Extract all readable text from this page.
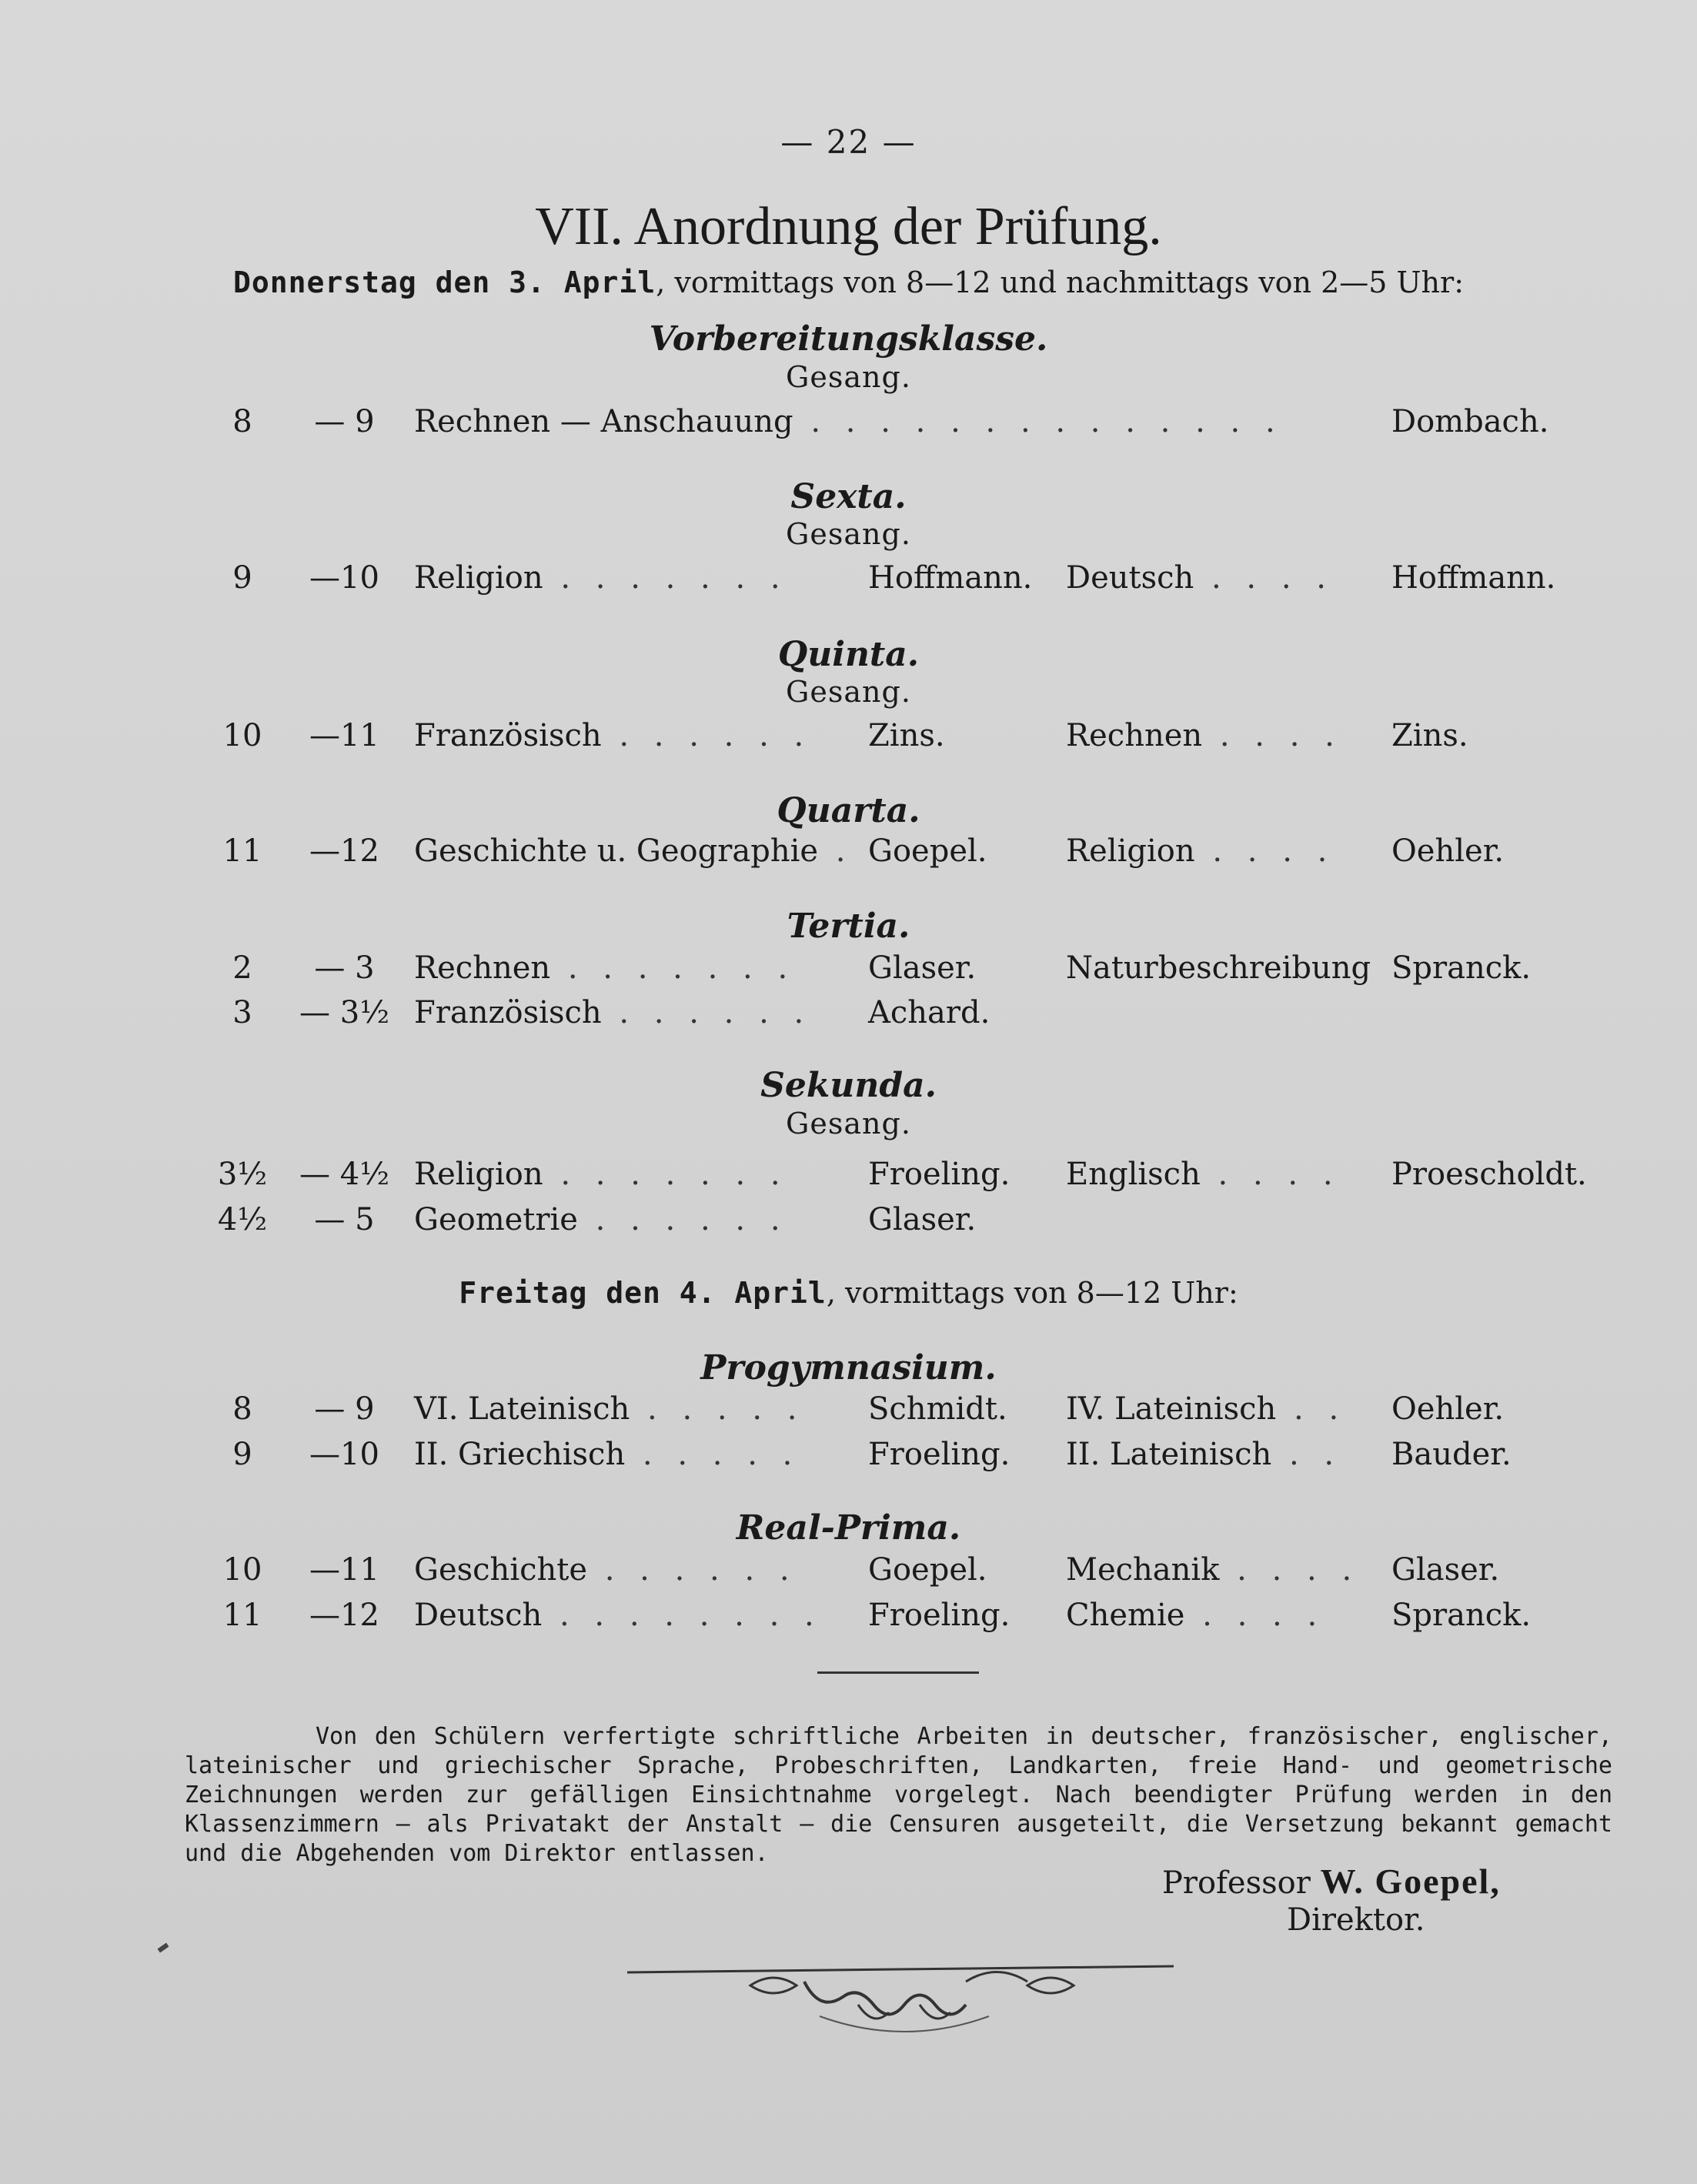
— 22 —
VII. Anordnung der Prüfung.
Donnerstag den 3. April, vormittags von 8—12 und nachmittags von 2—5 Uhr:
Vorbereitungsklasse.
Gesang.
8	— 9	Rechnen — Anschauung . . . . . . . . . . . . . .	Dombach.
Sexta.
Gesang.
9	—10	Religion . . . . . . .	Hoffmann. Deutsch . . . . Hoffmann.
Quinta.
Gesang.
10	—11	Französisch . . . . . . Zins.	Rechnen . . . . Zins.
Quarta.
11	—12	Geschichte u. Geographie . Goepel.	Religion . . . . Oehler.
Tertia.
2	— 3	Rechnen . . . . . . . Glaser.	Naturbeschreibung Spranck.
3	— 3½ Französisch . . . . . . Achard.
Sekunda.
Gesang.
3½	— 4½ Religion . . . . . . .	Froeling. Englisch . . . . Proescholdt.
4½	— 5	Geometrie . . . . . .	Glaser.
Freitag den 4. April, vormittags von 8—12 Uhr:
Progymnasium.
8	— 9	VI. Lateinisch . . . . . Schmidt. IV. Lateinisch . . Oehler.
9	—10	II. Griechisch . . . . . Froeling. II. Lateinisch . . Bauder.
Real-Prima.
10	—11	Geschichte . . . . . . Goepel.	Mechanik . . . . Glaser.
11	—12	Deutsch . . . . . . . . Froeling. Chemie . . . . Spranck.
Von den Schülern verfertigte schriftliche Arbeiten in deutscher, französischer, englischer, lateinischer und griechischer Sprache, Probeschriften, Landkarten, freie Hand- und geometrische Zeichnungen werden zur gefälligen Einsichtnahme vorgelegt. Nach beendigter Prüfung werden in den Klassenzimmern — als Privatakt der Anstalt — die Censuren ausgeteilt, die Versetzung bekannt gemacht und die Abgehenden vom Direktor entlassen.
Professor W. Goepel,
Direktor.
